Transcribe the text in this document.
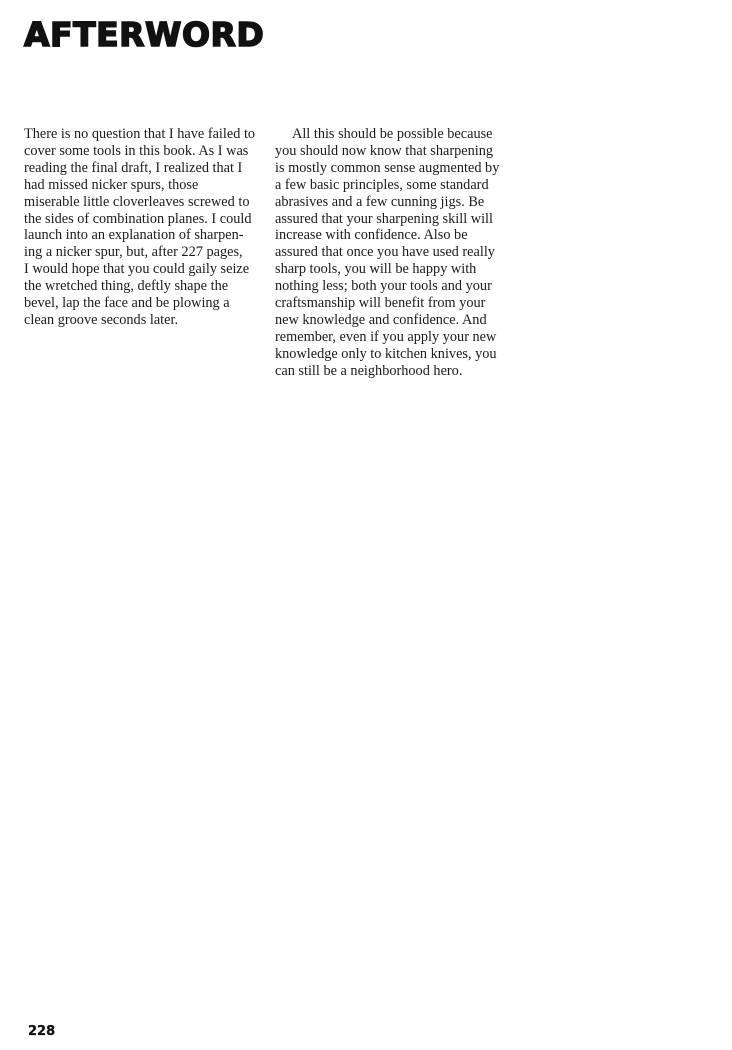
AFTERWORD
There is no question that I have failed to
cover some tools in this book. As I was
reading the final draft, I realized that I
had missed nicker spurs, those
miserable little cloverleaves screwed to
the sides of combination planes. I could
launch into an explanation of sharpen-
ing a nicker spur, but, after 227 pages,
I would hope that you could gaily seize
the wretched thing, deftly shape the
bevel, lap the face and be plowing a
clean groove seconds later.
All this should be possible because
you should now know that sharpening
is mostly common sense augmented by
a few basic principles, some standard
abrasives and a few cunning jigs. Be
assured that your sharpening skill will
increase with confidence. Also be
assured that once you have used really
sharp tools, you will be happy with
nothing less; both your tools and your
craftsmanship will benefit from your
new knowledge and confidence. And
remember, even if you apply your new
knowledge only to kitchen knives, you
can still be a neighborhood hero.
228
